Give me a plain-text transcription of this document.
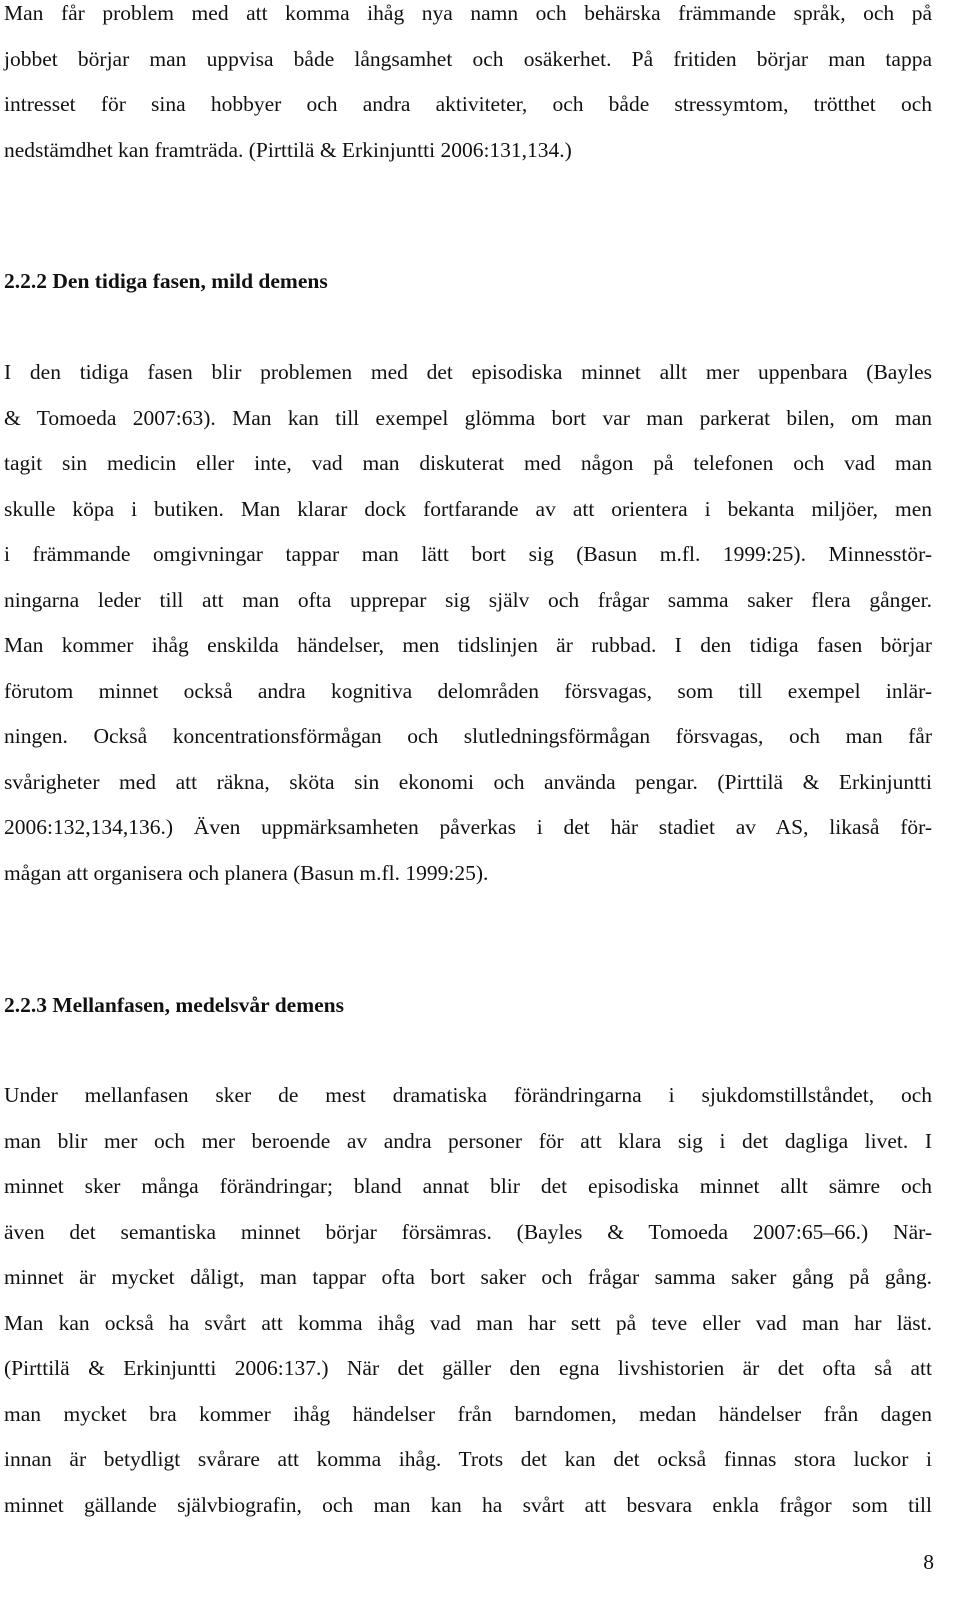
Man får problem med att komma ihåg nya namn och behärska främmande språk, och på
jobbet börjar man uppvisa både långsamhet och osäkerhet. På fritiden börjar man tappa
intresset för sina hobbyer och andra aktiviteter, och både stressymtom, trötthet och
nedstämdhet kan framträda. (Pirttilä & Erkinjuntti 2006:131,134.)
2.2.2 Den tidiga fasen, mild demens
I den tidiga fasen blir problemen med det episodiska minnet allt mer uppenbara (Bayles
& Tomoeda 2007:63). Man kan till exempel glömma bort var man parkerat bilen, om man
tagit sin medicin eller inte, vad man diskuterat med någon på telefonen och vad man
skulle köpa i butiken. Man klarar dock fortfarande av att orientera i bekanta miljöer, men
i främmande omgivningar tappar man lätt bort sig (Basun m.fl. 1999:25). Minnesstör-
ningarna leder till att man ofta upprepar sig själv och frågar samma saker flera gånger.
Man kommer ihåg enskilda händelser, men tidslinjen är rubbad. I den tidiga fasen börjar
förutom minnet också andra kognitiva delområden försvagas, som till exempel inlär-
ningen. Också koncentrationsförmågan och slutledningsförmågan försvagas, och man får
svårigheter med att räkna, sköta sin ekonomi och använda pengar. (Pirttilä & Erkinjuntti
2006:132,134,136.) Även uppmärksamheten påverkas i det här stadiet av AS, likaså för-
mågan att organisera och planera (Basun m.fl. 1999:25).
2.2.3 Mellanfasen, medelsvår demens
Under mellanfasen sker de mest dramatiska förändringarna i sjukdomstillståndet, och
man blir mer och mer beroende av andra personer för att klara sig i det dagliga livet. I
minnet sker många förändringar; bland annat blir det episodiska minnet allt sämre och
även det semantiska minnet börjar försämras. (Bayles & Tomoeda 2007:65–66.) När-
minnet är mycket dåligt, man tappar ofta bort saker och frågar samma saker gång på gång.
Man kan också ha svårt att komma ihåg vad man har sett på teve eller vad man har läst.
(Pirttilä & Erkinjuntti 2006:137.) När det gäller den egna livshistorien är det ofta så att
man mycket bra kommer ihåg händelser från barndomen, medan händelser från dagen
innan är betydligt svårare att komma ihåg. Trots det kan det också finnas stora luckor i
minnet gällande självbiografin, och man kan ha svårt att besvara enkla frågor som till
8
